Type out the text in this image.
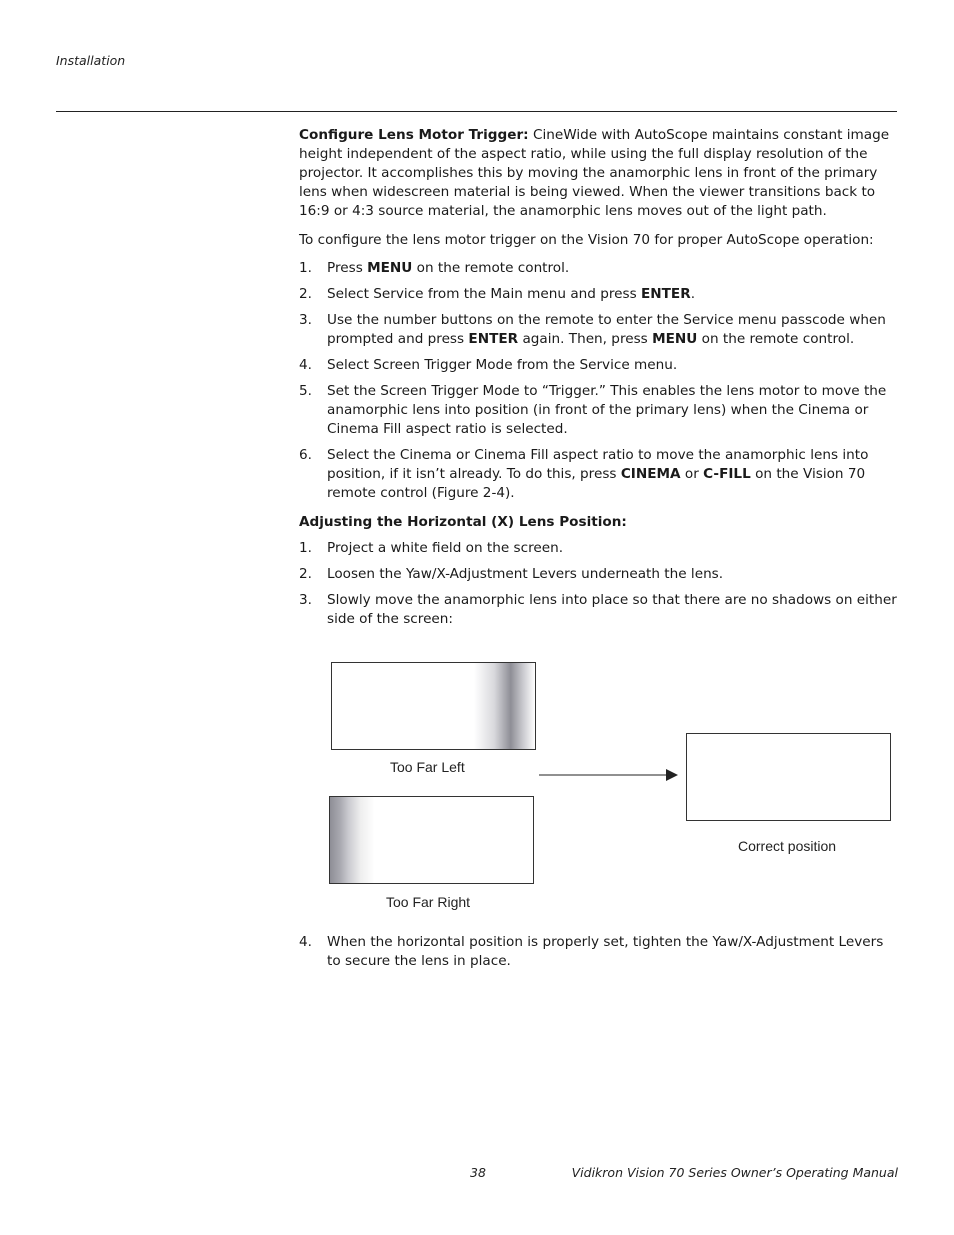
Installation

Configure Lens Motor Trigger: CineWide with AutoScope maintains constant image height independent of the aspect ratio, while using the full display resolution of the projector. It accomplishes this by moving the anamorphic lens in front of the primary lens when widescreen material is being viewed. When the viewer transitions back to 16:9 or 4:3 source material, the anamorphic lens moves out of the light path.

To configure the lens motor trigger on the Vision 70 for proper AutoScope operation:

1. Press MENU on the remote control.
2. Select Service from the Main menu and press ENTER.
3. Use the number buttons on the remote to enter the Service menu passcode when prompted and press ENTER again. Then, press MENU on the remote control.
4. Select Screen Trigger Mode from the Service menu.
5. Set the Screen Trigger Mode to “Trigger.” This enables the lens motor to move the anamorphic lens into position (in front of the primary lens) when the Cinema or Cinema Fill aspect ratio is selected.
6. Select the Cinema or Cinema Fill aspect ratio to move the anamorphic lens into position, if it isn’t already. To do this, press CINEMA or C-FILL on the Vision 70 remote control (Figure 2-4).

Adjusting the Horizontal (X) Lens Position:

1. Project a white field on the screen.
2. Loosen the Yaw/X-Adjustment Levers underneath the lens.
3. Slowly move the anamorphic lens into place so that there are no shadows on either side of the screen:
Too Far Left
Too Far Right
Correct position
4.	When the horizontal position is properly set, tighten the Yaw/X-Adjustment Levers to secure the lens in place.
38	Vidikron Vision 70 Series Owner’s Operating Manual
